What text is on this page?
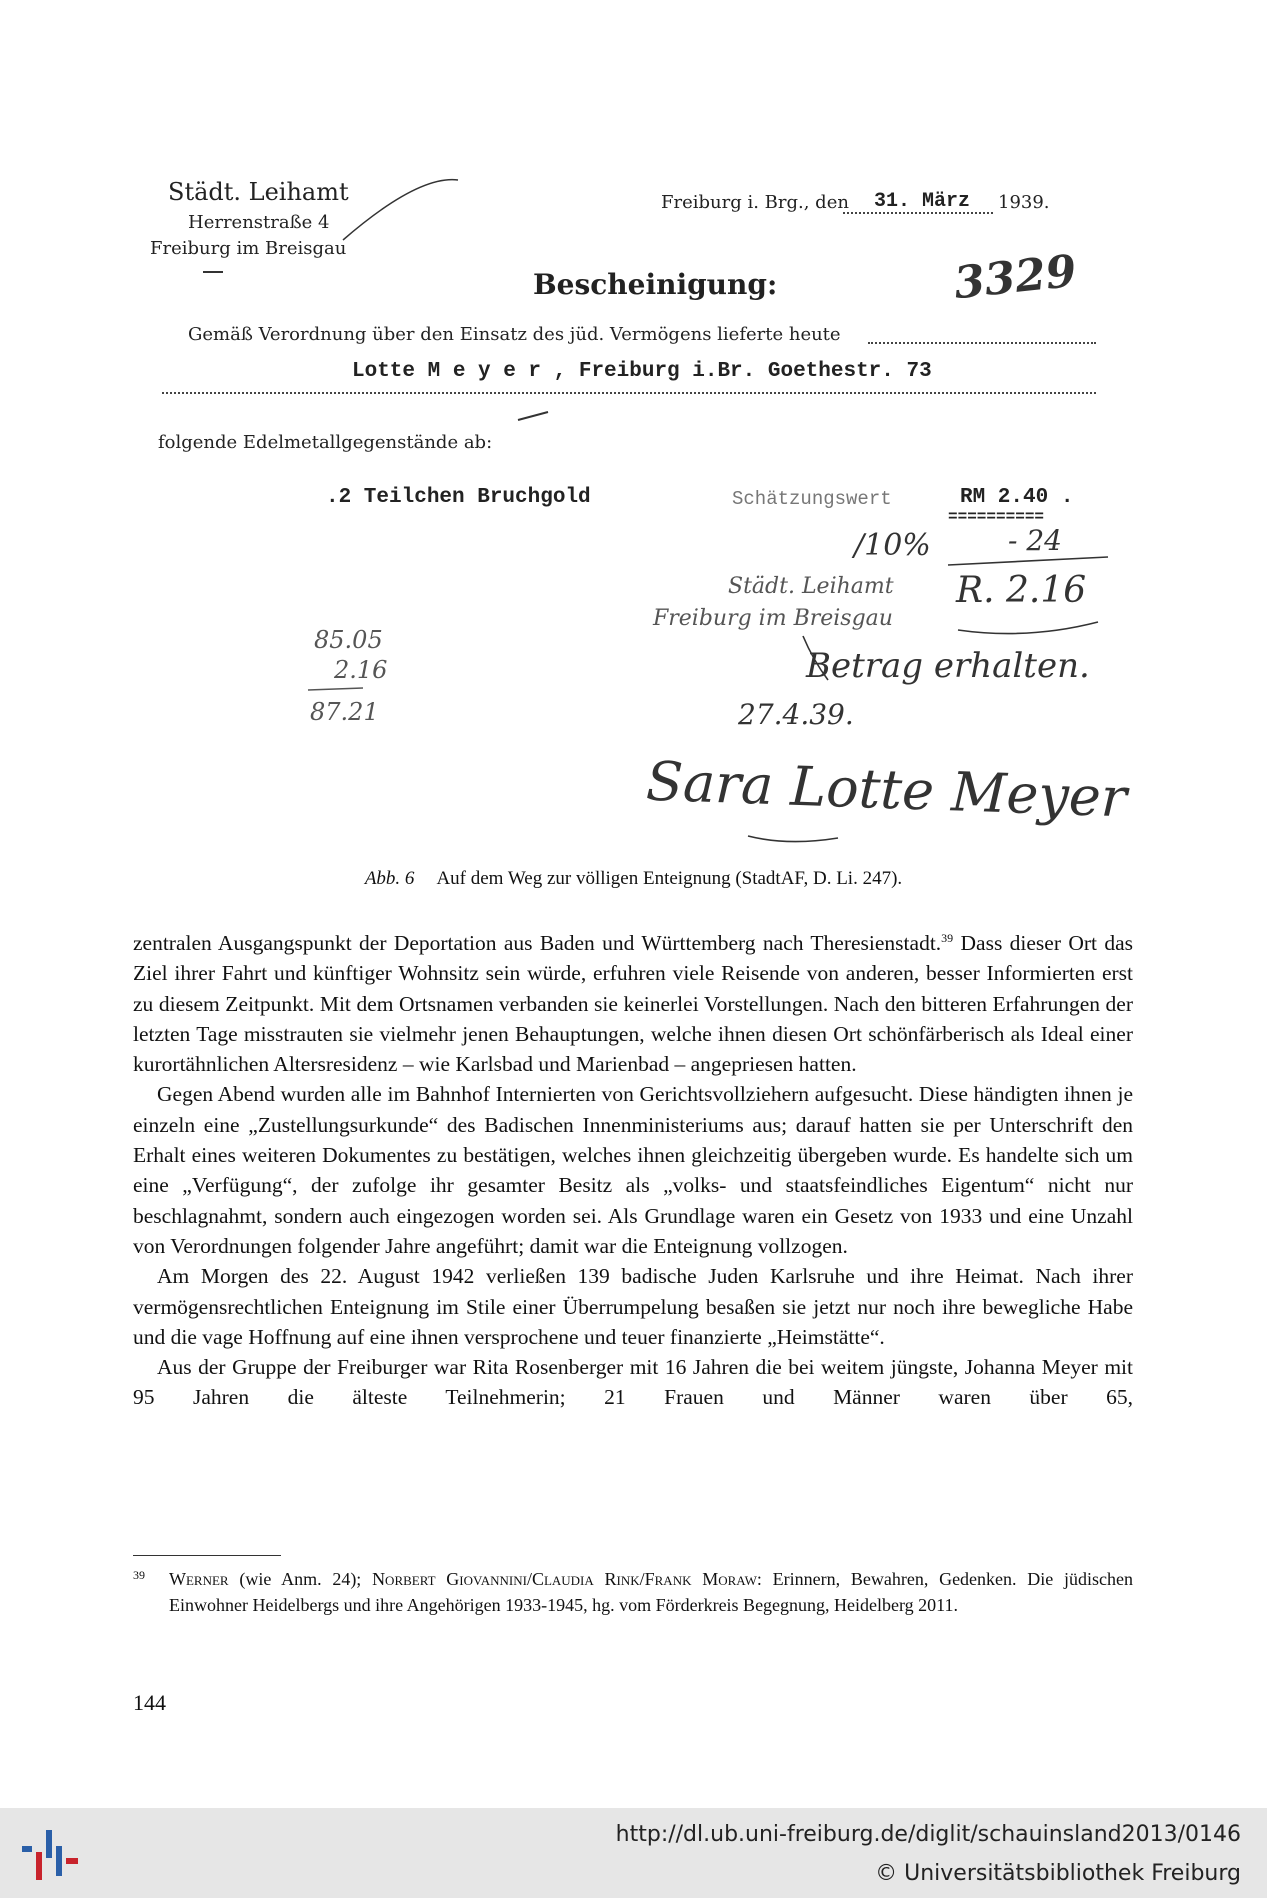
Städt. Leihamt
Herrenstraße 4
Freiburg im Breisgau
Freiburg i. Brg., den 31. März 1939.
Bescheinigung:	3329
Gemäß Verordnung über den Einsatz des jüd. Vermögens lieferte heute
Lotte M e y e r , Freiburg i.Br. Goethestr. 73
folgende Edelmetallgegenstände ab:
.2 Teilchen Bruchgold	Schätzungswert	RM 2.40 .
==========
/10%	- 24
R. 2.16
Städt. Leihamt
Freiburg im Breisgau
Betrag erhalten.
27.4.39.
85.05
2.16
87.21
Sara Lotte Meyer
Abb. 6 Auf dem Weg zur völligen Enteignung (StadtAF, D. Li. 247).

zentralen Ausgangspunkt der Deportation aus Baden und Württemberg nach Theresienstadt.$^{39}$ Dass dieser Ort das Ziel ihrer Fahrt und künftiger Wohnsitz sein würde, erfuhren viele Reisende von anderen, besser Informierten erst zu diesem Zeitpunkt. Mit dem Ortsnamen verbanden sie keinerlei Vorstellungen. Nach den bitteren Erfahrungen der letzten Tage misstrauten sie vielmehr jenen Behauptungen, welche ihnen diesen Ort schönfärberisch als Ideal einer kurortähnlichen Altersresidenz – wie Karlsbad und Marienbad – angepriesen hatten.

Gegen Abend wurden alle im Bahnhof Internierten von Gerichtsvollziehern aufgesucht. Diese händigten ihnen je einzeln eine „Zustellungsurkunde“ des Badischen Innenministeriums aus; darauf hatten sie per Unterschrift den Erhalt eines weiteren Dokumentes zu bestätigen, welches ihnen gleichzeitig übergeben wurde. Es handelte sich um eine „Verfügung“, der zufolge ihr gesamter Besitz als „volks- und staatsfeindliches Eigentum“ nicht nur beschlagnahmt, sondern auch eingezogen worden sei. Als Grundlage waren ein Gesetz von 1933 und eine Unzahl von Verordnungen folgender Jahre angeführt; damit war die Enteignung vollzogen.

Am Morgen des 22. August 1942 verließen 139 badische Juden Karlsruhe und ihre Heimat. Nach ihrer vermögensrechtlichen Enteignung im Stile einer Überrumpelung besaßen sie jetzt nur noch ihre bewegliche Habe und die vage Hoffnung auf eine ihnen versprochene und teuer finanzierte „Heimstätte“.

Aus der Gruppe der Freiburger war Rita Rosenberger mit 16 Jahren die bei weitem jüngste, Johanna Meyer mit 95 Jahren die älteste Teilnehmerin; 21 Frauen und Männer waren über 65,

39 Werner (wie Anm. 24); Norbert Giovannini/Claudia Rink/Frank Moraw: Erinnern, Bewahren, Gedenken. Die jüdischen Einwohner Heidelbergs und ihre Angehörigen 1933-1945, hg. vom Förderkreis Begegnung, Heidelberg 2011.
144
http://dl.ub.uni-freiburg.de/diglit/schauinsland2013/0146
© Universitätsbibliothek Freiburg
